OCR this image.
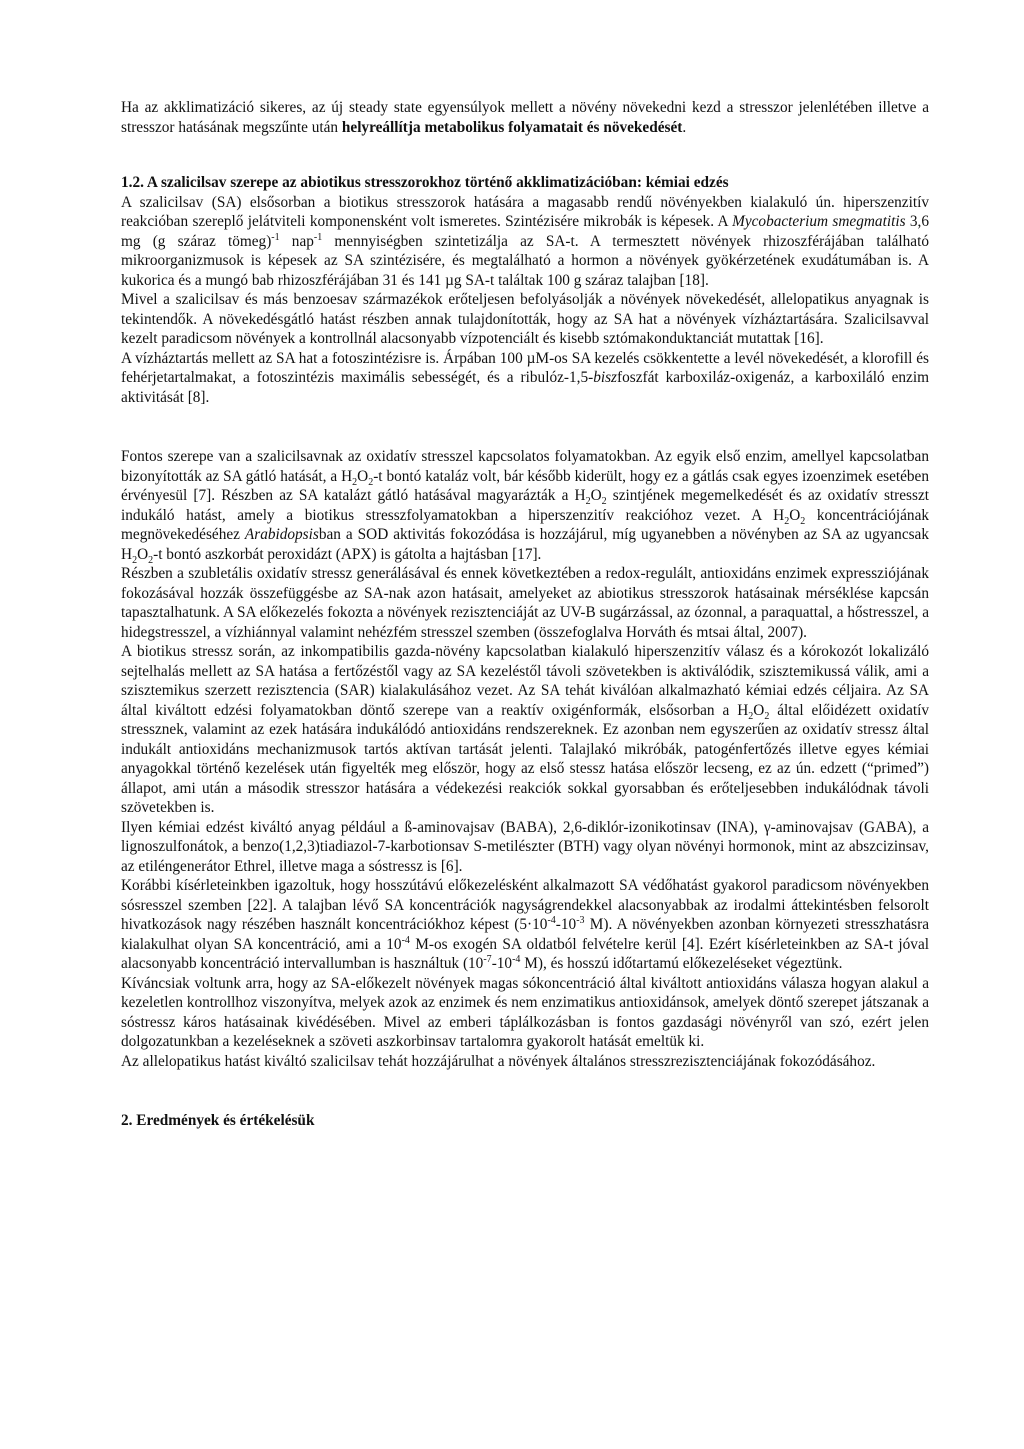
Ha az akklimatizáció sikeres, az új steady state egyensúlyok mellett a növény növekedni kezd a stresszor jelenlétében illetve a stresszor hatásának megszűnte után helyreállítja metabolikus folyamatait és növekedését.

1.2. A szalicilsav szerepe az abiotikus stresszorokhoz történő akklimatizációban: kémiai edzés

A szalicilsav (SA) elsősorban a biotikus stresszorok hatására a magasabb rendű növényekben kialakuló ún. hiperszenzitív reakcióban szereplő jelátviteli komponensként volt ismeretes. Szintézisére mikrobák is képesek. A Mycobacterium smegmatitis 3,6 mg (g száraz tömeg)$^{-1}$ nap$^{-1}$ mennyiségben szintetizálja az SA-t. A termesztett növények rhizoszférájában található mikroorganizmusok is képesek az SA szintézisére, és megtalálható a hormon a növények gyökérzetének exudátumában is. A kukorica és a mungó bab rhizoszférájában 31 és 141 µg SA-t találtak 100 g száraz talajban [18].

Mivel a szalicilsav és más benzoesav származékok erőteljesen befolyásolják a növények növekedését, allelopatikus anyagnak is tekintendők. A növekedésgátló hatást részben annak tulajdonították, hogy az SA hat a növények vízháztartására. Szalicilsavval kezelt paradicsom növények a kontrollnál alacsonyabb vízpotenciált és kisebb sztómakonduktanciát mutattak [16].

A vízháztartás mellett az SA hat a fotoszintézisre is. Árpában 100 µM-os SA kezelés csökkentette a levél növekedését, a klorofill és fehérjetartalmakat, a fotoszintézis maximális sebességét, és a ribulóz-1,5-biszfoszfát karboxiláz-oxigenáz, a karboxiláló enzim aktivitását [8].

Fontos szerepe van a szalicilsavnak az oxidatív stresszel kapcsolatos folyamatokban. Az egyik első enzim, amellyel kapcsolatban bizonyították az SA gátló hatását, a $H_2O_2-t$ bontó kataláz volt, bár később kiderült, hogy ez a gátlás csak egyes izoenzimek esetében érvényesül [7]. Részben az SA katalázt gátló hatásával magyarázták a $H_2O_2$ szintjének megemelkedését és az oxidatív stresszt indukáló hatást, amely a biotikus stresszfolyamatokban a hiperszenzitív reakcióhoz vezet. A $H_2O_2$ koncentrációjának megnövekedéséhez Arabidopsisban a SOD aktivitás fokozódása is hozzájárul, míg ugyanebben a növényben az SA az ugyancsak $H_2O_2-t$ bontó aszkorbát peroxidázt (APX) is gátolta a hajtásban [17].

Részben a szubletális oxidatív stressz generálásával és ennek következtében a redox-regulált, antioxidáns enzimek expressziójának fokozásával hozzák összefüggésbe az SA-nak azon hatásait, amelyeket az abiotikus stresszorok hatásainak mérséklése kapcsán tapasztalhatunk. A SA előkezelés fokozta a növények rezisztenciáját az UV-B sugárzással, az ózonnal, a paraquattal, a hőstresszel, a hidegstresszel, a vízhiánnyal valamint nehézfém stresszel szemben (összefoglalva Horváth és mtsai által, 2007).

A biotikus stressz során, az inkompatibilis gazda-növény kapcsolatban kialakuló hiperszenzitív válasz és a kórokozót lokalizáló sejtelhalás mellett az SA hatása a fertőzéstől vagy az SA kezeléstől távoli szövetekben is aktiválódik, szisztemikussá válik, ami a szisztemikus szerzett rezisztencia (SAR) kialakulásához vezet. Az SA tehát kiválóan alkalmazható kémiai edzés céljaira. Az SA által kiváltott edzési folyamatokban döntő szerepe van a reaktív oxigénformák, elsősorban a $H_2O_2$ által előidézett oxidatív stressznek, valamint az ezek hatására indukálódó antioxidáns rendszereknek. Ez azonban nem egyszerűen az oxidatív stressz által indukált antioxidáns mechanizmusok tartós aktívan tartását jelenti. Talajlakó mikróbák, patogénfertőzés illetve egyes kémiai anyagokkal történő kezelések után figyelték meg először, hogy az első stessz hatása először lecseng, ez az ún. edzett (“primed”) állapot, ami után a második stresszor hatására a védekezési reakciók sokkal gyorsabban és erőteljesebben indukálódnak távoli szövetekben is.

Ilyen kémiai edzést kiváltó anyag például a ß-aminovajsav (BABA), 2,6-diklór-izonikotinsav (INA), γ-aminovajsav (GABA), a lignoszulfonátok, a benzo(1,2,3)tiadiazol-7-karbotionsav S-metilészter (BTH) vagy olyan növényi hormonok, mint az abszcizinsav, az etiléngenerátor Ethrel, illetve maga a sóstressz is [6].

Korábbi kísérleteinkben igazoltuk, hogy hosszútávú előkezelésként alkalmazott SA védőhatást gyakorol paradicsom növényekben sósresszel szemben [22]. A talajban lévő SA koncentrációk nagyságrendekkel alacsonyabbak az irodalmi áttekintésben felsorolt hivatkozások nagy részében használt koncentrációkhoz képest ($5\cdot 10^{-4}-10^{-3}$ M). A növényekben azonban környezeti stresszhatásra kialakulhat olyan SA koncentráció, ami a $10^{-4}$ M-os exogén SA oldatból felvételre kerül [4]. Ezért kísérleteinkben az SA-t jóval alacsonyabb koncentráció intervallumban is használtuk ($10^{-7}-10^{-4}$ M), és hosszú időtartamú előkezeléseket végeztünk.

Kíváncsiak voltunk arra, hogy az SA-előkezelt növények magas sókoncentráció által kiváltott antioxidáns válasza hogyan alakul a kezeletlen kontrollhoz viszonyítva, melyek azok az enzimek és nem enzimatikus antioxidánsok, amelyek döntő szerepet játszanak a sóstressz káros hatásainak kivédésében. Mivel az emberi táplálkozásban is fontos gazdasági növényről van szó, ezért jelen dolgozatunkban a kezeléseknek a szöveti aszkorbinsav tartalomra gyakorolt hatását emeltük ki.

Az allelopatikus hatást kiváltó szalicilsav tehát hozzájárulhat a növények általános stresszrezisztenciájának fokozódásához.

2. Eredmények és értékelésük
